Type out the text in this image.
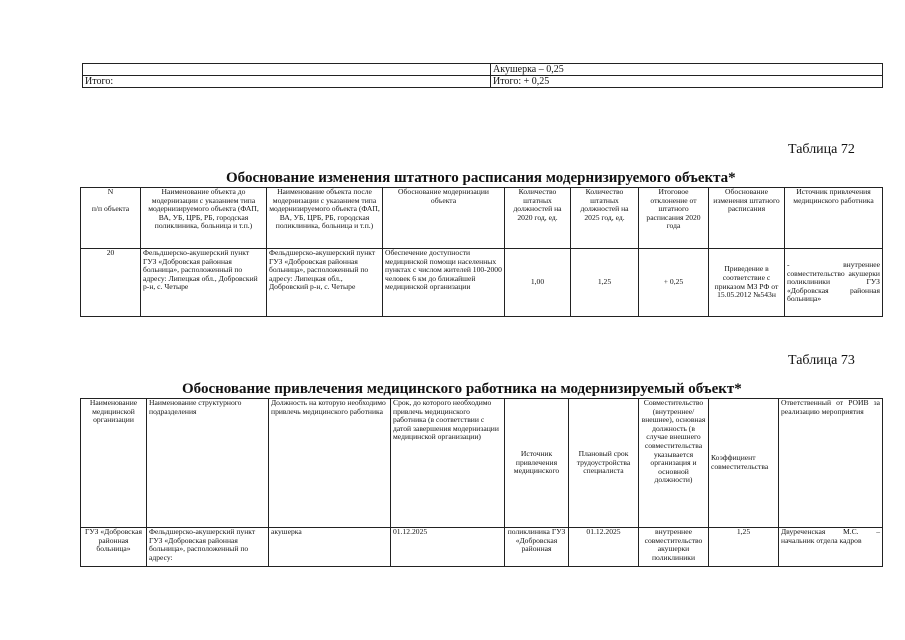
	Акушерка – 0,25
Итого:	Итого: + 0,25
Таблица 72
Обоснование изменения штатного расписания модернизируемого объекта*
N

п/п объекта	Наименование объекта до модернизации с указанием типа модернизируемого объекта (ФАП, ВА, УБ, ЦРБ, РБ, городская поликлиника, больница и т.п.)	Наименование объекта после модернизации с указанием типа модернизируемого объекта (ФАП, ВА, УБ, ЦРБ, РБ, городская поликлиника, больница и т.п.)	Обоснование модернизации объекта	Количество штатных должностей на 2020 год, ед.	Количество штатных должностей на 2025 год, ед.	Итоговое отклонение от штатного расписания 2020 года	Обоснование изменения штатного расписания	Источник привлечения медицинского работника
20	Фельдшерско-акушерский пункт ГУЗ «Добровская районная больница», расположенный по адресу: Липецкая обл., Добровский р-н, с. Четыре	Фельдшерско-акушерский пункт ГУЗ «Добровская районная больница», расположенный по адресу: Липецкая обл., Добровский р-н, с. Четыре	Обеспечение доступности медицинской помощи населенных пунктах с числом жителей 100-2000 человек 6 км до ближайшей медицинской организации	1,00	1,25	+ 0,25	Приведение в соответствие с приказом МЗ РФ от 15.05.2012 №543н	- внутреннее совместительство акушерки поликлиники ГУЗ «Добровская районная больница»
Таблица 73
Обоснование привлечения медицинского работника на модернизируемый объект*
Наименование медицинской организации	Наименование структурного подразделения	Должность на которую необходимо привлечь медицинского работника	Срок, до которого необходимо привлечь медицинского работника (в соответствии с датой завершения модернизации медицинской организации)	Источник привлечения медицинского	Плановый срок трудоустройства специалиста	Совместительство (внутреннее/внешнее), основная должность (в случае внешнего совместительства указывается организация и основной должности)	Коэффициент совместительства	Ответственный от РОИВ за реализацию мероприятия
ГУЗ «Добровская районная больница»	Фельдшерско-акушерский пункт ГУЗ «Добровская районная больница», расположенный по адресу:	акушерка	01.12.2025	поликлиника ГУЗ «Добровская районная	01.12.2025	внутреннее совместительство акушерки поликлиники	1,25	Двуреченская М.С. – начальник отдела кадров
